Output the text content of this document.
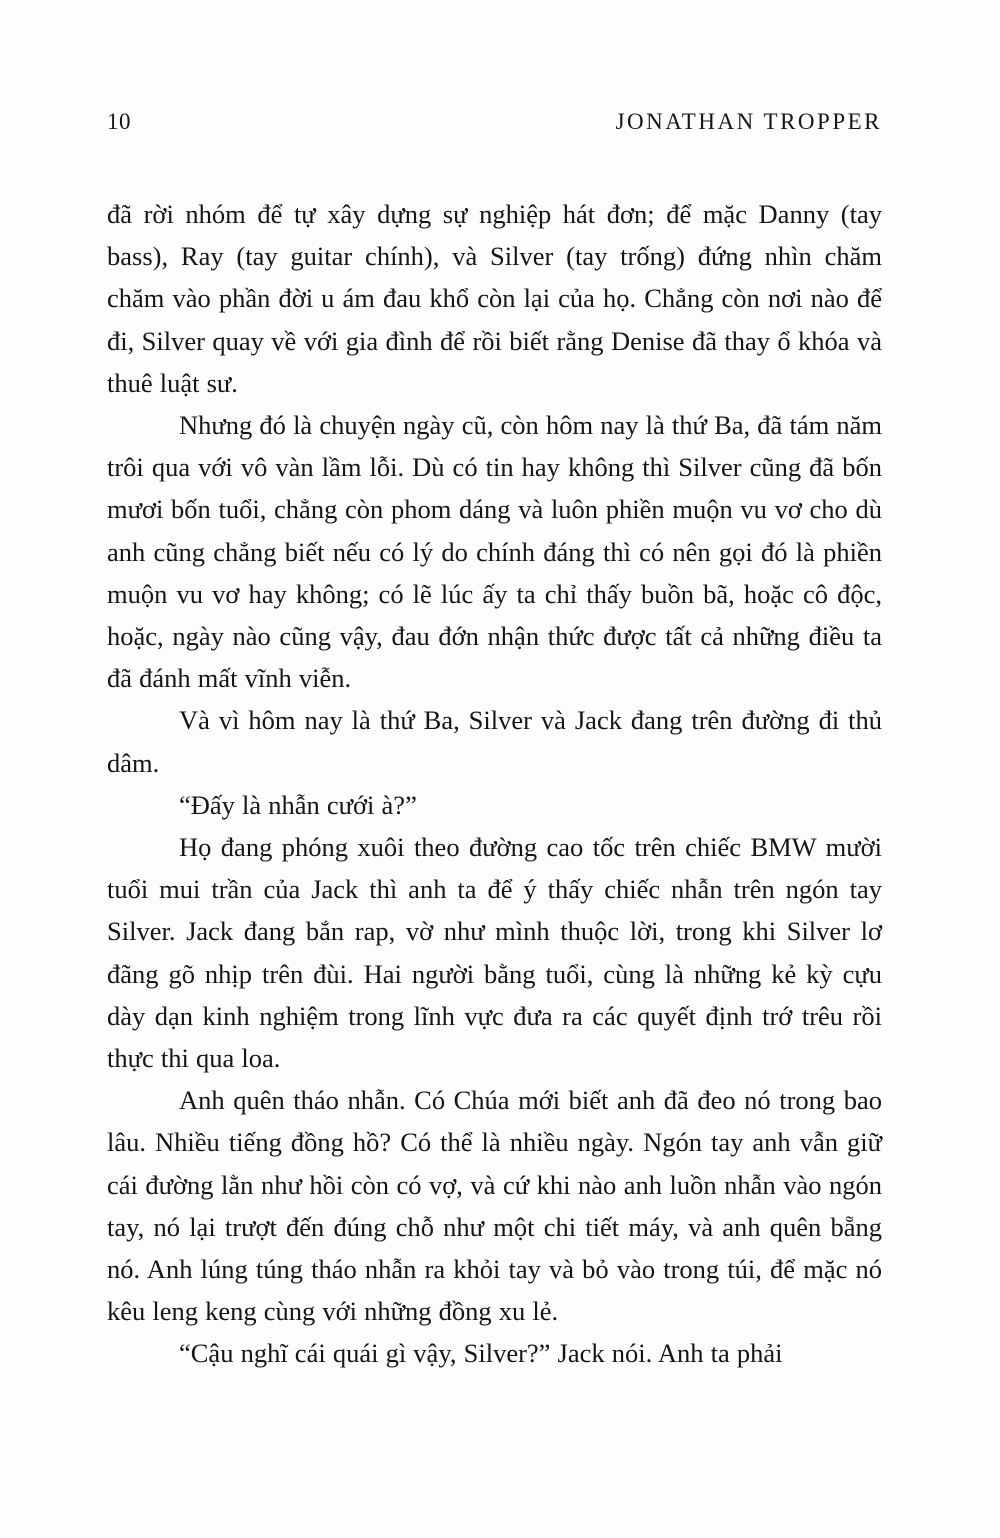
10	JONATHAN TROPPER

đã rời nhóm để tự xây dựng sự nghiệp hát đơn; để mặc Danny (tay bass), Ray (tay guitar chính), và Silver (tay trống) đứng nhìn chăm chăm vào phần đời u ám đau khổ còn lại của họ. Chẳng còn nơi nào để đi, Silver quay về với gia đình để rồi biết rằng Denise đã thay ổ khóa và thuê luật sư.

Nhưng đó là chuyện ngày cũ, còn hôm nay là thứ Ba, đã tám năm trôi qua với vô vàn lầm lỗi. Dù có tin hay không thì Silver cũng đã bốn mươi bốn tuổi, chẳng còn phom dáng và luôn phiền muộn vu vơ cho dù anh cũng chẳng biết nếu có lý do chính đáng thì có nên gọi đó là phiền muộn vu vơ hay không; có lẽ lúc ấy ta chỉ thấy buồn bã, hoặc cô độc, hoặc, ngày nào cũng vậy, đau đớn nhận thức được tất cả những điều ta đã đánh mất vĩnh viễn.

Và vì hôm nay là thứ Ba, Silver và Jack đang trên đường đi thủ dâm.

“Đấy là nhẫn cưới à?”

Họ đang phóng xuôi theo đường cao tốc trên chiếc BMW mười tuổi mui trần của Jack thì anh ta để ý thấy chiếc nhẫn trên ngón tay Silver. Jack đang bắn rap, vờ như mình thuộc lời, trong khi Silver lơ đãng gõ nhịp trên đùi. Hai người bằng tuổi, cùng là những kẻ kỳ cựu dày dạn kinh nghiệm trong lĩnh vực đưa ra các quyết định trớ trêu rồi thực thi qua loa.

Anh quên tháo nhẫn. Có Chúa mới biết anh đã đeo nó trong bao lâu. Nhiều tiếng đồng hồ? Có thể là nhiều ngày. Ngón tay anh vẫn giữ cái đường lằn như hồi còn có vợ, và cứ khi nào anh luồn nhẫn vào ngón tay, nó lại trượt đến đúng chỗ như một chi tiết máy, và anh quên bẵng nó. Anh lúng túng tháo nhẫn ra khỏi tay và bỏ vào trong túi, để mặc nó kêu leng keng cùng với những đồng xu lẻ.

“Cậu nghĩ cái quái gì vậy, Silver?” Jack nói. Anh ta phải
